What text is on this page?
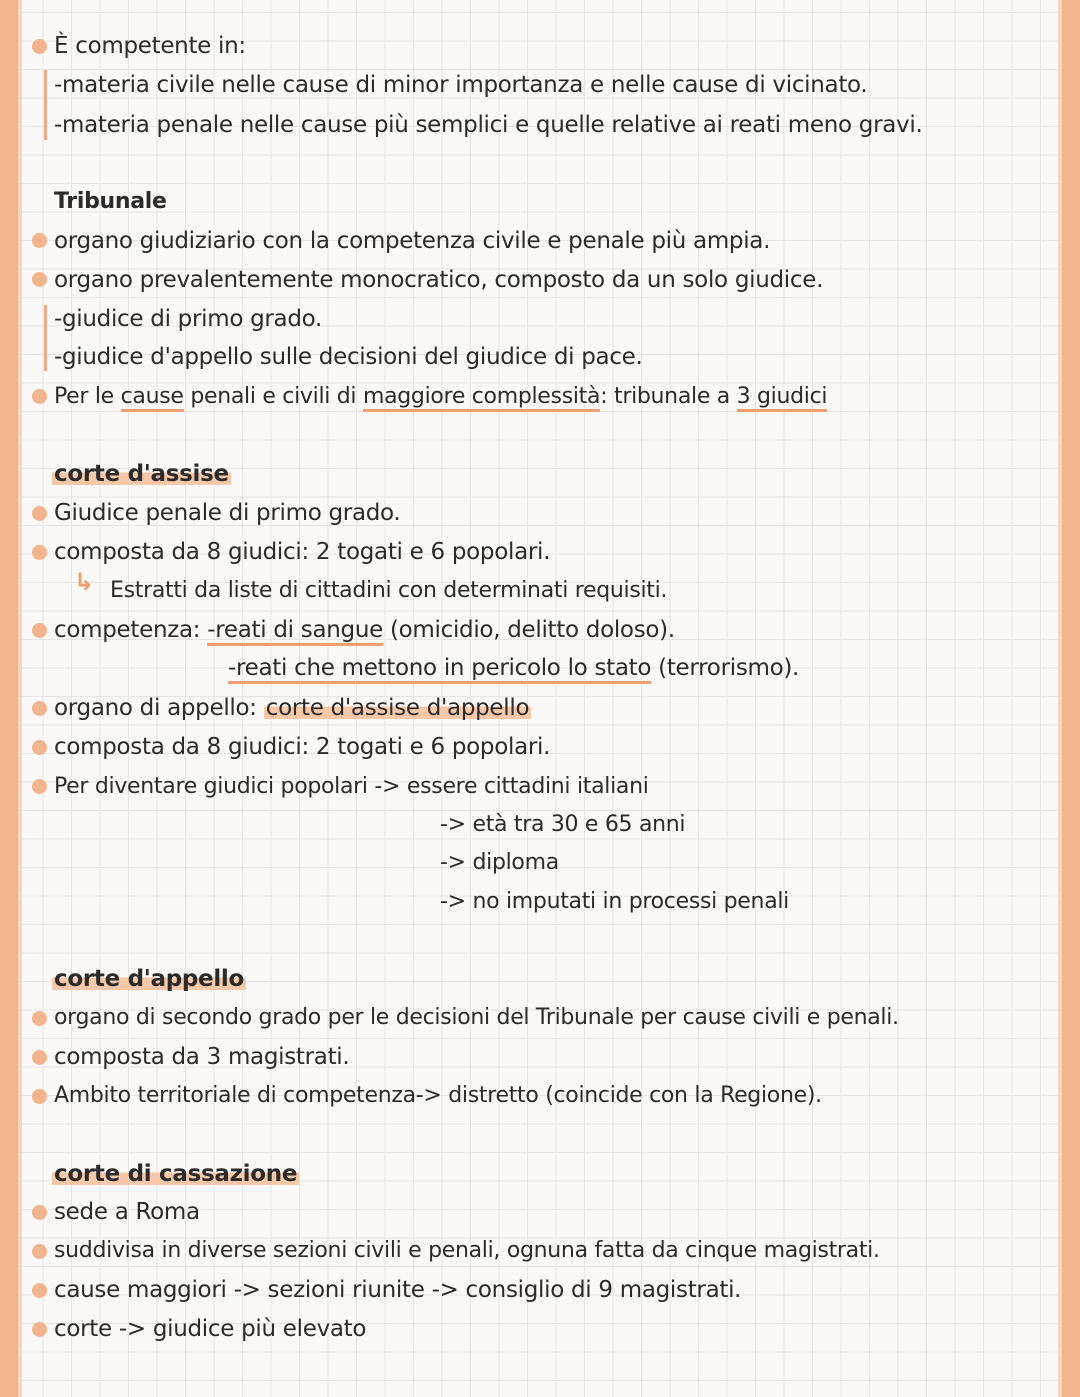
È competente in:
-materia civile nelle cause di minor importanza e nelle cause di vicinato.
-materia penale nelle cause più semplici e quelle relative ai reati meno gravi.
Tribunale
organo giudiziario con la competenza civile e penale più ampia.
organo prevalentemente monocratico, composto da un solo giudice.
-giudice di primo grado.
-giudice d'appello sulle decisioni del giudice di pace.
Per le cause penali e civili di maggiore complessità: tribunale a 3 giudici
corte d'assise
Giudice penale di primo grado.
composta da 8 giudici: 2 togati e 6 popolari.
↳ Estratti da liste di cittadini con determinati requisiti.
competenza: -reati di sangue (omicidio, delitto doloso).
-reati che mettono in pericolo lo stato (terrorismo).
organo di appello: corte d'assise d'appello
composta da 8 giudici: 2 togati e 6 popolari.
Per diventare giudici popolari -> essere cittadini italiani
-> età tra 30 e 65 anni
-> diploma
-> no imputati in processi penali
corte d'appello
organo di secondo grado per le decisioni del Tribunale per cause civili e penali.
composta da 3 magistrati.
Ambito territoriale di competenza-> distretto (coincide con la Regione).
corte di cassazione
sede a Roma
suddivisa in diverse sezioni civili e penali, ognuna fatta da cinque magistrati.
cause maggiori -> sezioni riunite -> consiglio di 9 magistrati.
corte -> giudice più elevato
